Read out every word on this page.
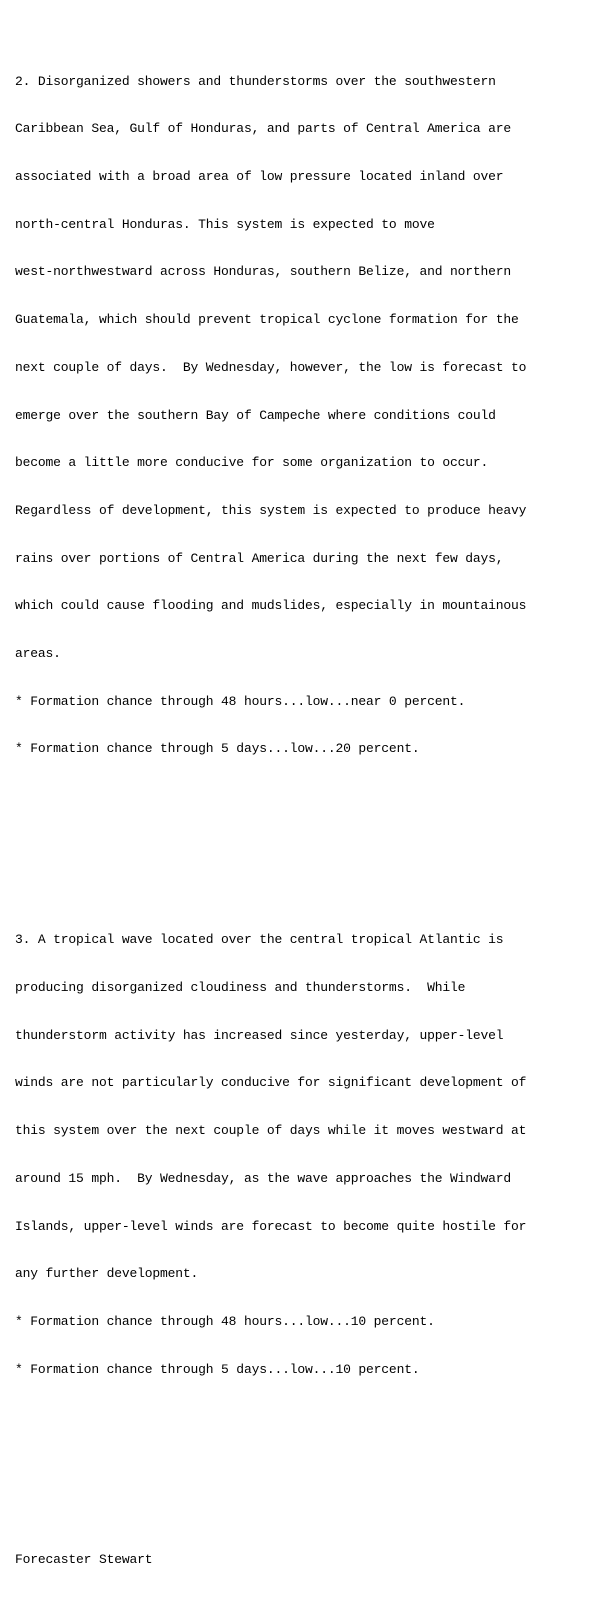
2. Disorganized showers and thunderstorms over the southwestern

Caribbean Sea, Gulf of Honduras, and parts of Central America are

associated with a broad area of low pressure located inland over

north-central Honduras. This system is expected to move

west-northwestward across Honduras, southern Belize, and northern

Guatemala, which should prevent tropical cyclone formation for the

next couple of days.  By Wednesday, however, the low is forecast to

emerge over the southern Bay of Campeche where conditions could

become a little more conducive for some organization to occur.

Regardless of development, this system is expected to produce heavy

rains over portions of Central America during the next few days,

which could cause flooding and mudslides, especially in mountainous

areas.

* Formation chance through 48 hours...low...near 0 percent.

* Formation chance through 5 days...low...20 percent.

3. A tropical wave located over the central tropical Atlantic is

producing disorganized cloudiness and thunderstorms.  While

thunderstorm activity has increased since yesterday, upper-level

winds are not particularly conducive for significant development of

this system over the next couple of days while it moves westward at

around 15 mph.  By Wednesday, as the wave approaches the Windward

Islands, upper-level winds are forecast to become quite hostile for

any further development.

* Formation chance through 48 hours...low...10 percent.

* Formation chance through 5 days...low...10 percent.

Forecaster Stewart
